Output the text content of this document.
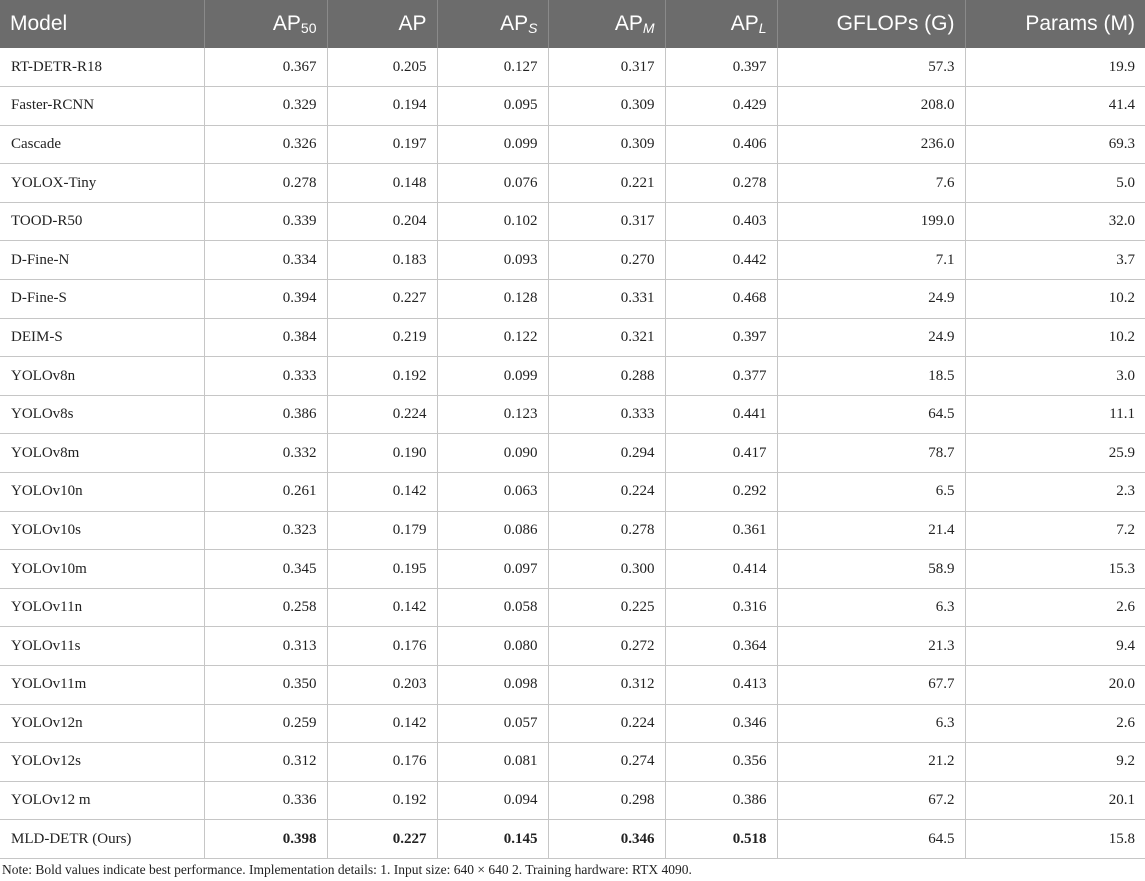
Model	$AP_{50}$	AP	$AP_S$	$AP_M$	$AP_L$	GFLOPs (G)	Params (M)
RT-DETR-R18	0.367	0.205	0.127	0.317	0.397	57.3	19.9
Faster-RCNN	0.329	0.194	0.095	0.309	0.429	208.0	41.4
Cascade	0.326	0.197	0.099	0.309	0.406	236.0	69.3
YOLOX-Tiny	0.278	0.148	0.076	0.221	0.278	7.6	5.0
TOOD-R50	0.339	0.204	0.102	0.317	0.403	199.0	32.0
D-Fine-N	0.334	0.183	0.093	0.270	0.442	7.1	3.7
D-Fine-S	0.394	0.227	0.128	0.331	0.468	24.9	10.2
DEIM-S	0.384	0.219	0.122	0.321	0.397	24.9	10.2
YOLOv8n	0.333	0.192	0.099	0.288	0.377	18.5	3.0
YOLOv8s	0.386	0.224	0.123	0.333	0.441	64.5	11.1
YOLOv8m	0.332	0.190	0.090	0.294	0.417	78.7	25.9
YOLOv10n	0.261	0.142	0.063	0.224	0.292	6.5	2.3
YOLOv10s	0.323	0.179	0.086	0.278	0.361	21.4	7.2
YOLOv10m	0.345	0.195	0.097	0.300	0.414	58.9	15.3
YOLOv11n	0.258	0.142	0.058	0.225	0.316	6.3	2.6
YOLOv11s	0.313	0.176	0.080	0.272	0.364	21.3	9.4
YOLOv11m	0.350	0.203	0.098	0.312	0.413	67.7	20.0
YOLOv12n	0.259	0.142	0.057	0.224	0.346	6.3	2.6
YOLOv12s	0.312	0.176	0.081	0.274	0.356	21.2	9.2
YOLOv12 m	0.336	0.192	0.094	0.298	0.386	67.2	20.1
MLD-DETR (Ours)	0.398	0.227	0.145	0.346	0.518	64.5	15.8
Note: Bold values indicate best performance. Implementation details: 1. Input size: 640 × 640 2. Training hardware: RTX 4090.
